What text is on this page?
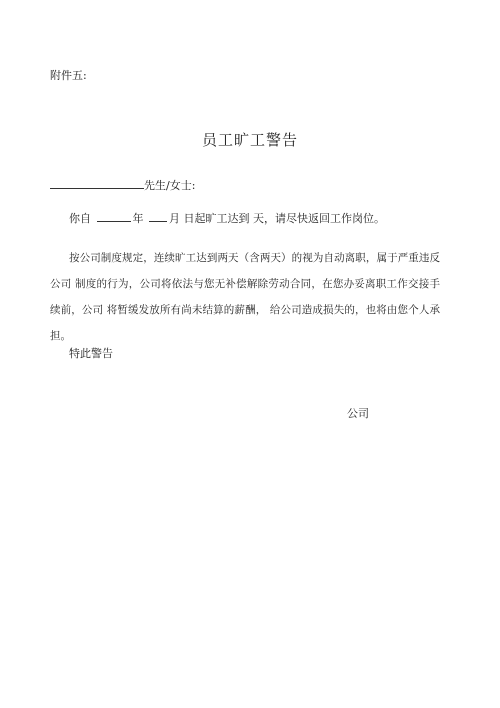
附件五:
员工旷工警告
先生/女士:
你自	年 月 日起旷工达到 天，请尽快返回工作岗位。
按公司制度规定，连续旷工达到两天（含两天）的视为自动离职，属于严重违反公司 制度的行为，公司将依法与您无补偿解除劳动合同，在您办妥离职工作交接手续前，公司 将暂缓发放所有尚未结算的薪酬， 给公司造成损失的，也将由您个人承担。
特此警告
公司
